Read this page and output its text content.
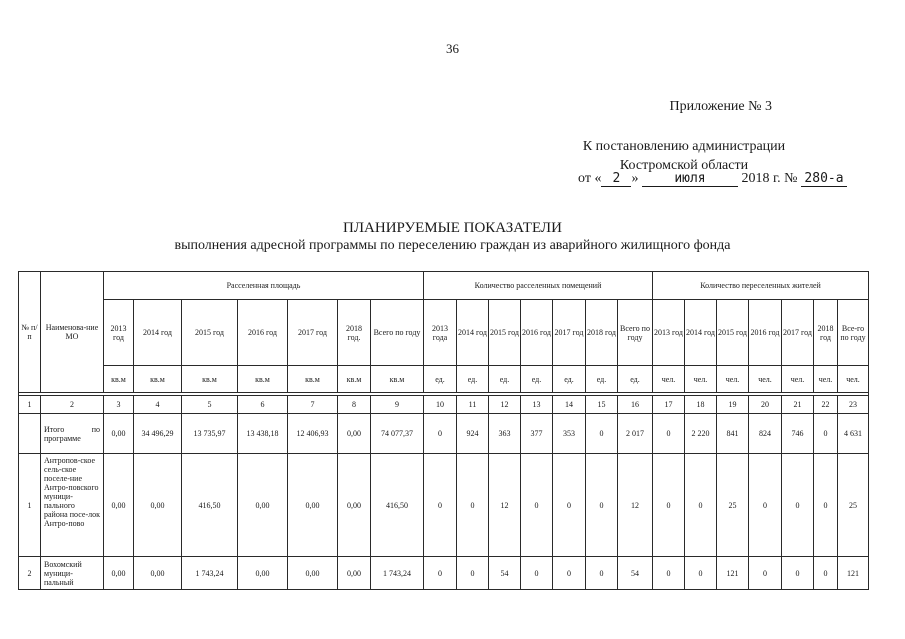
36
Приложение № 3
К постановлению администрации
Костромской области
от « 2 »	июля	2018 г. № 280-а
ПЛАНИРУЕМЫЕ ПОКАЗАТЕЛИ
выполнения адресной программы по переселению граждан из аварийного жилищного фонда
№ п/ п	Наименова-ние МО	Расселенная площадь							Количество расселенных помещений							Количество переселенных жителей						
		2013 год	2014 год	2015 год	2016 год	2017 год	2018 год.	Всего по году	2013 года	2014 год	2015 год	2016 год	2017 год	2018 год	Всего по году	2013 год	2014 год	2015 год	2016 год	2017 год	2018 год	Все-го по году
		кв.м	кв.м	кв.м	кв.м	кв.м	кв.м	кв.м	ед.	ед.	ед.	ед.	ед.	ед.	ед.	чел.	чел.	чел.	чел.	чел.	чел.	чел.

1	2	3	4	5	6	7	8	9	10	11	12	13	14	15	16	17	18	19	20	21	22	23
	Итого по программе	0,00	34 496,29	13 735,97	13 438,18	12 406,93	0,00	74 077,37	0	924	363	377	353	0	2 017	0	2 220	841	824	746	0	4 631
1	Антропов-ское сель-ское поселе-ние Антро-повского муници-пального района посе-лок Антро-пово	0,00	0,00	416,50	0,00	0,00	0,00	416,50	0	0	12	0	0	0	12	0	0	25	0	0	0	25
2	Вохомский муници-пальный	0,00	0,00	1 743,24	0,00	0,00	0,00	1 743,24	0	0	54	0	0	0	54	0	0	121	0	0	0	121
